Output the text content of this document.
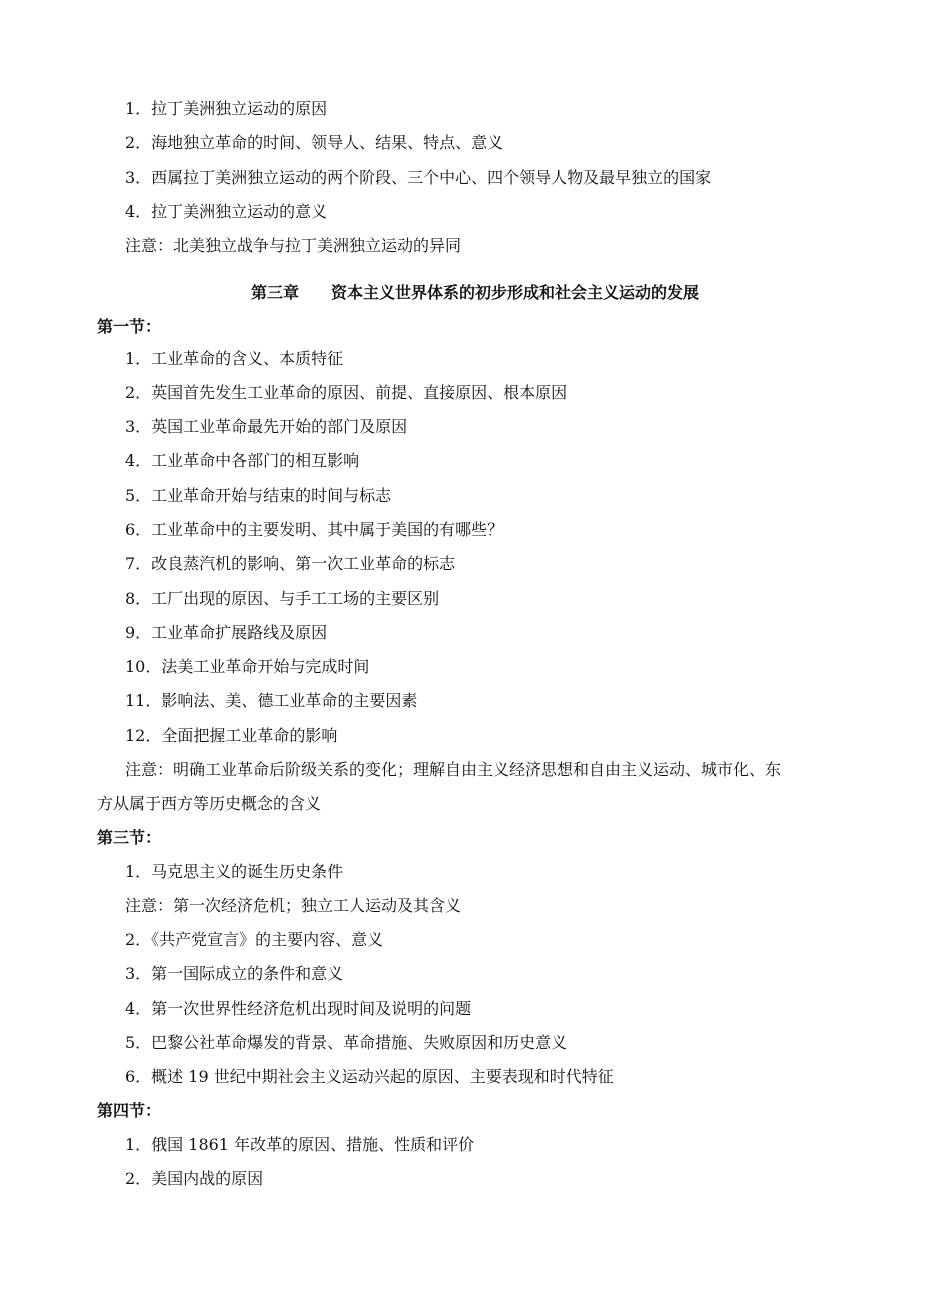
1．拉丁美洲独立运动的原因
2．海地独立革命的时间、领导人、结果、特点、意义
3．西属拉丁美洲独立运动的两个阶段、三个中心、四个领导人物及最早独立的国家
4．拉丁美洲独立运动的意义
注意：北美独立战争与拉丁美洲独立运动的异同
第三章 资本主义世界体系的初步形成和社会主义运动的发展
第一节：
1．工业革命的含义、本质特征
2．英国首先发生工业革命的原因、前提、直接原因、根本原因
3．英国工业革命最先开始的部门及原因
4．工业革命中各部门的相互影响
5．工业革命开始与结束的时间与标志
6．工业革命中的主要发明、其中属于美国的有哪些？
7．改良蒸汽机的影响、第一次工业革命的标志
8．工厂出现的原因、与手工工场的主要区别
9．工业革命扩展路线及原因
10．法美工业革命开始与完成时间
11．影响法、美、德工业革命的主要因素
12．全面把握工业革命的影响
注意：明确工业革命后阶级关系的变化；理解自由主义经济思想和自由主义运动、城市化、东
方从属于西方等历史概念的含义
第三节：
1．马克思主义的诞生历史条件
注意：第一次经济危机；独立工人运动及其含义
2．《共产党宣言》的主要内容、意义
3．第一国际成立的条件和意义
4．第一次世界性经济危机出现时间及说明的问题
5．巴黎公社革命爆发的背景、革命措施、失败原因和历史意义
6．概述 19 世纪中期社会主义运动兴起的原因、主要表现和时代特征
第四节：
1．俄国 1861 年改革的原因、措施、性质和评价
2．美国内战的原因
